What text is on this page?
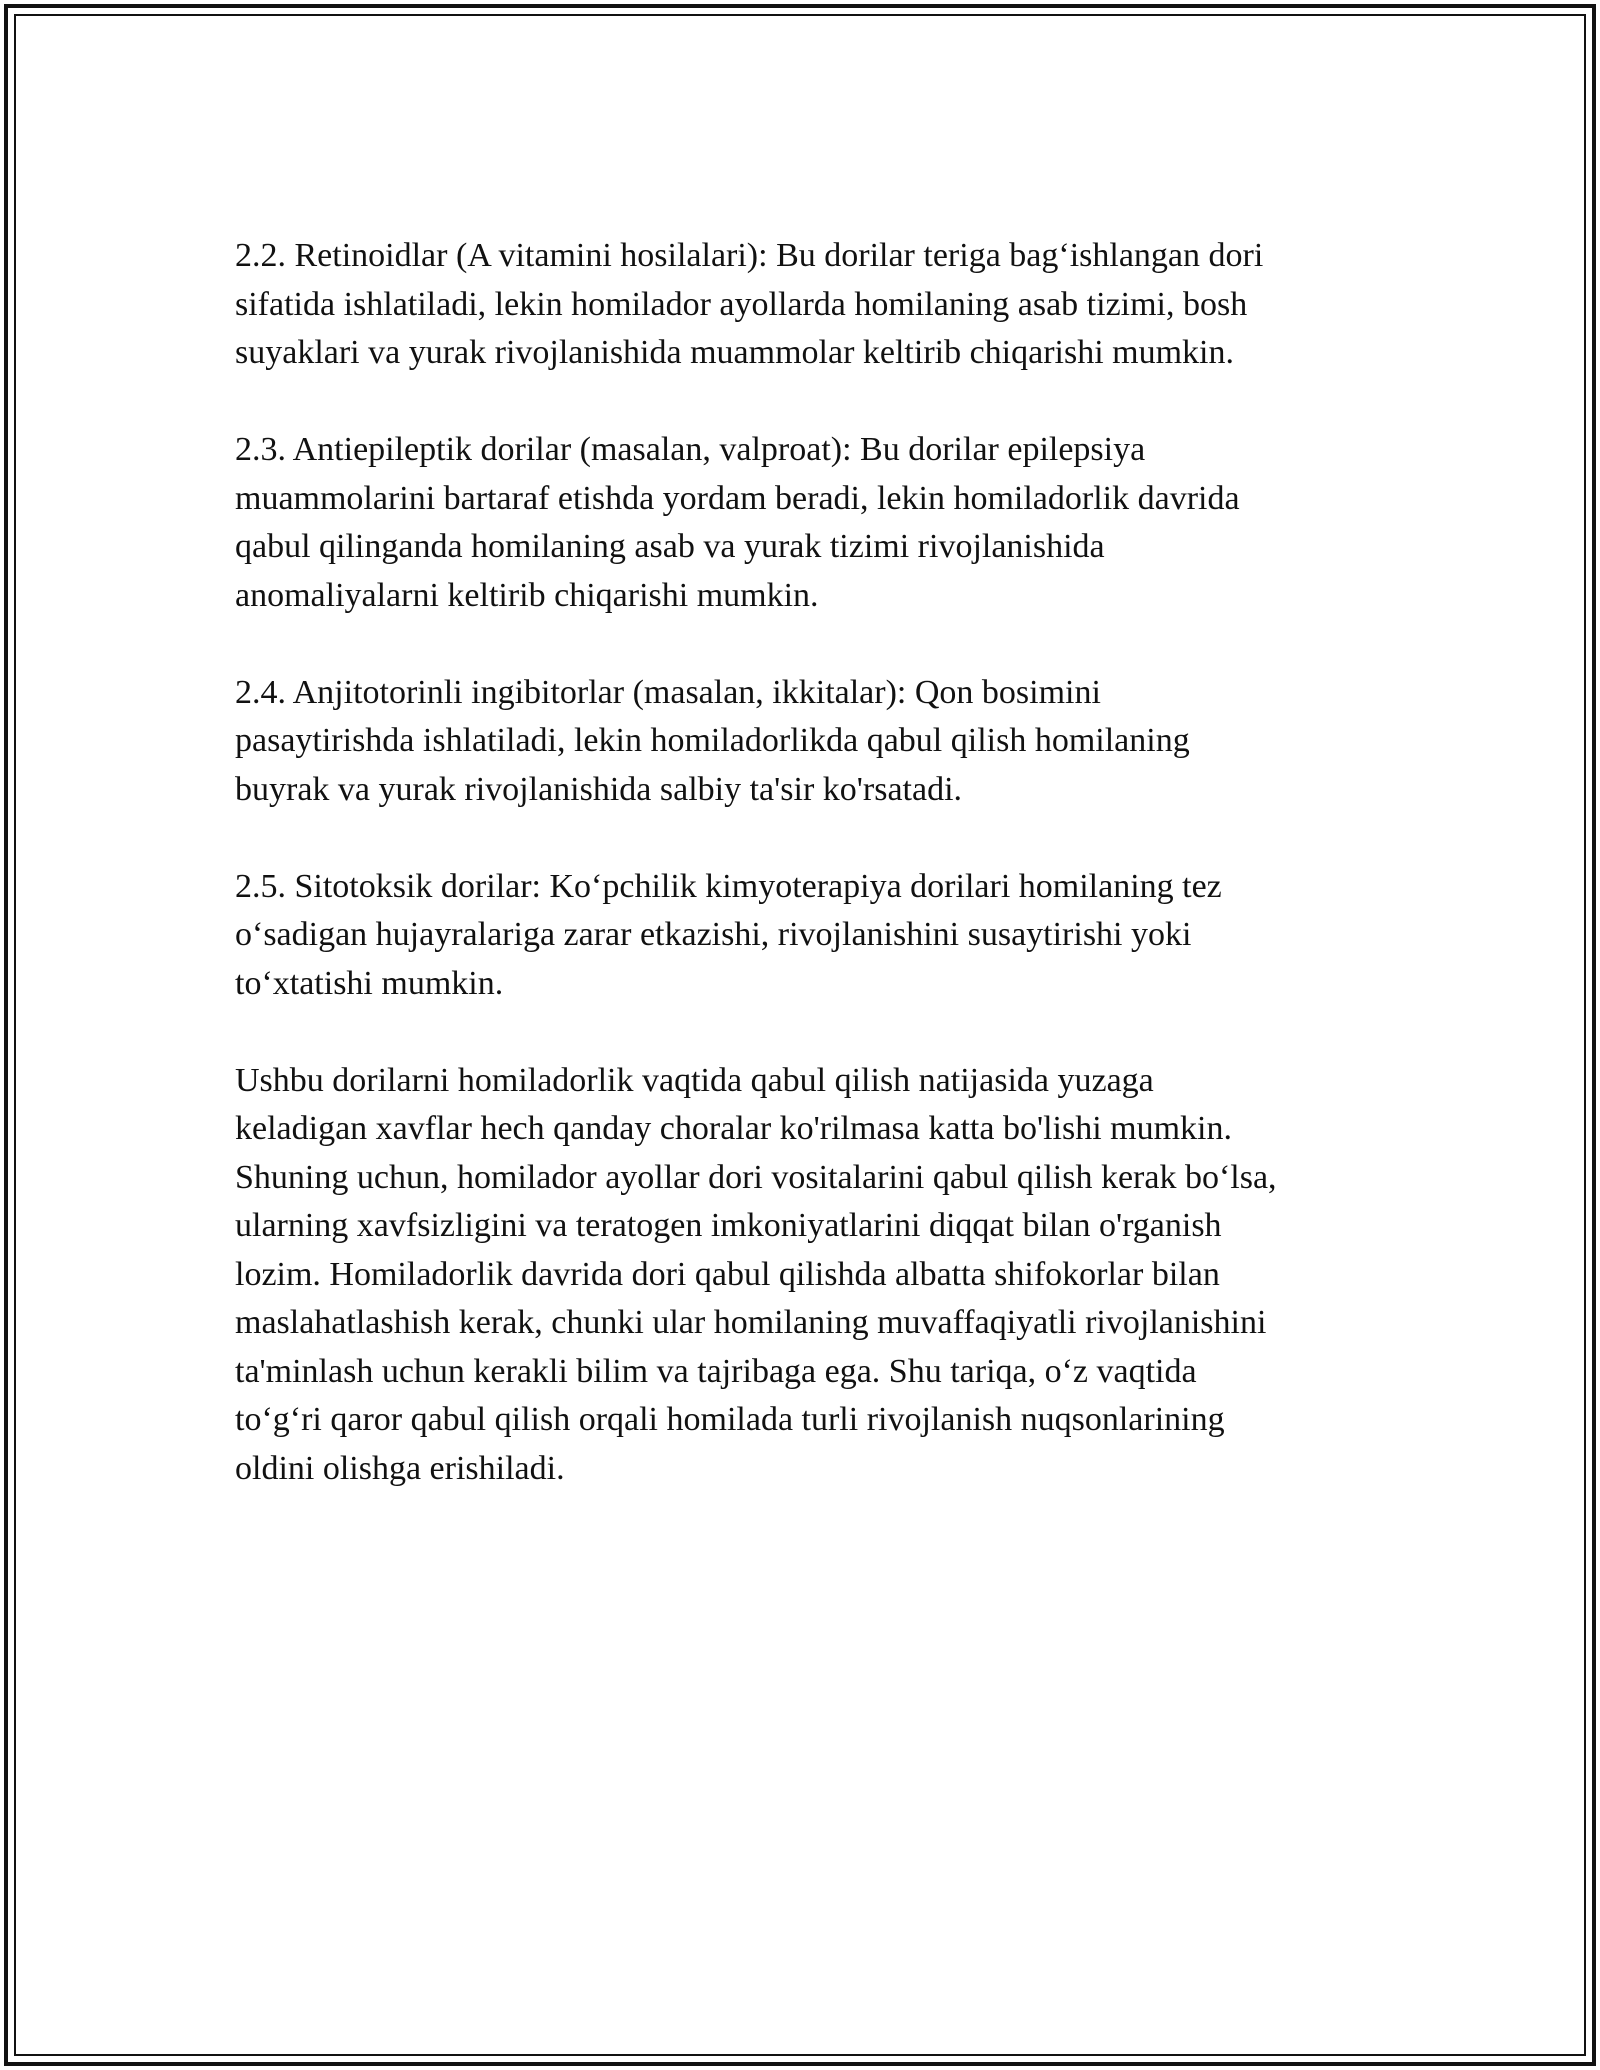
2.2. Retinoidlar (A vitamini hosilalari): Bu dorilar teriga bag‘ishlangan dori
sifatida ishlatiladi, lekin homilador ayollarda homilaning asab tizimi, bosh
suyaklari va yurak rivojlanishida muammolar keltirib chiqarishi mumkin.

2.3. Antiepileptik dorilar (masalan, valproat): Bu dorilar epilepsiya
muammolarini bartaraf etishda yordam beradi, lekin homiladorlik davrida
qabul qilinganda homilaning asab va yurak tizimi rivojlanishida
anomaliyalarni keltirib chiqarishi mumkin.

2.4. Anjitotorinli ingibitorlar (masalan, ikkitalar): Qon bosimini
pasaytirishda ishlatiladi, lekin homiladorlikda qabul qilish homilaning
buyrak va yurak rivojlanishida salbiy ta'sir ko'rsatadi.

2.5. Sitotoksik dorilar: Ko‘pchilik kimyoterapiya dorilari homilaning tez
o‘sadigan hujayralariga zarar etkazishi, rivojlanishini susaytirishi yoki
to‘xtatishi mumkin.

Ushbu dorilarni homiladorlik vaqtida qabul qilish natijasida yuzaga
keladigan xavflar hech qanday choralar ko'rilmasa katta bo'lishi mumkin.
Shuning uchun, homilador ayollar dori vositalarini qabul qilish kerak bo‘lsa,
ularning xavfsizligini va teratogen imkoniyatlarini diqqat bilan o'rganish
lozim. Homiladorlik davrida dori qabul qilishda albatta shifokorlar bilan
maslahatlashish kerak, chunki ular homilaning muvaffaqiyatli rivojlanishini
ta'minlash uchun kerakli bilim va tajribaga ega. Shu tariqa, o‘z vaqtida
to‘g‘ri qaror qabul qilish orqali homilada turli rivojlanish nuqsonlarining
oldini olishga erishiladi.
